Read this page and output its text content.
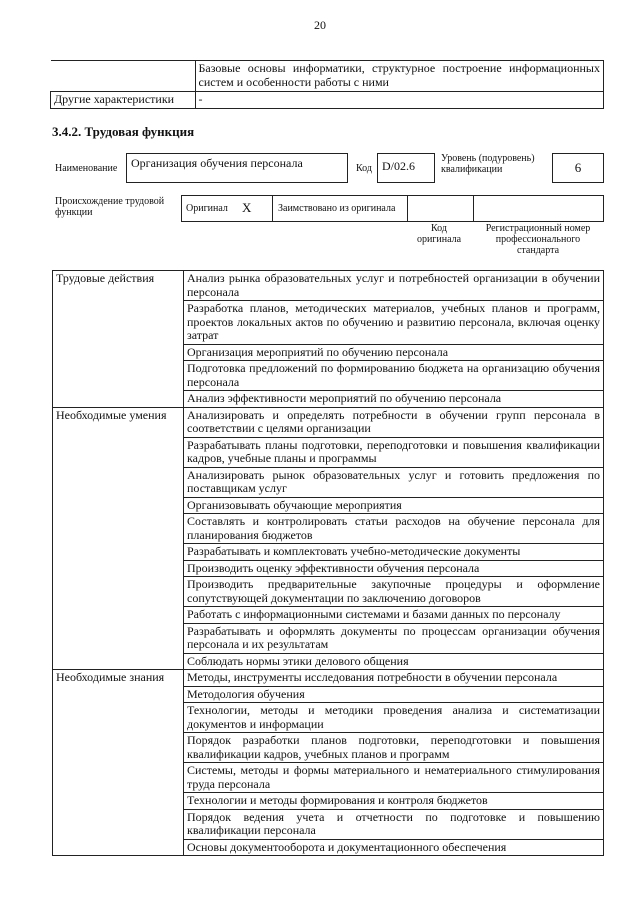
20
	Базовые основы информатики, структурное построение информационных систем и особенности работы с ними
Другие характеристики	-
3.4.2. Трудовая функция
Наименование Организация обучения персонала	Код D/02.6
Уровень (подуровень) квалификации	6
Происхождение трудовой функции	Оригинал X	Заимствовано из оригинала
Код оригинала
Регистрационный номер профессионального стандарта
Трудовые действия	Анализ рынка образовательных услуг и потребностей организации в обучении персонала
	Разработка планов, методических материалов, учебных планов и программ, проектов локальных актов по обучению и развитию персонала, включая оценку затрат
	Организация мероприятий по обучению персонала
	Подготовка предложений по формированию бюджета на организацию обучения персонала
	Анализ эффективности мероприятий по обучению персонала
Необходимые умения	Анализировать и определять потребности в обучении групп персонала в соответствии с целями организации
	Разрабатывать планы подготовки, переподготовки и повышения квалификации кадров, учебные планы и программы
	Анализировать рынок образовательных услуг и готовить предложения по поставщикам услуг
	Организовывать обучающие мероприятия
	Составлять и контролировать статьи расходов на обучение персонала для планирования бюджетов
	Разрабатывать и комплектовать учебно-методические документы
	Производить оценку эффективности обучения персонала
	Производить предварительные закупочные процедуры и оформление сопутствующей документации по заключению договоров
	Работать с информационными системами и базами данных по персоналу
	Разрабатывать и оформлять документы по процессам организации обучения персонала и их результатам
	Соблюдать нормы этики делового общения
Необходимые знания	Методы, инструменты исследования потребности в обучении персонала
	Методология обучения
	Технологии, методы и методики проведения анализа и систематизации документов и информации
	Порядок разработки планов подготовки, переподготовки и повышения квалификации кадров, учебных планов и программ
	Системы, методы и формы материального и нематериального стимулирования труда персонала
	Технологии и методы формирования и контроля бюджетов
	Порядок ведения учета и отчетности по подготовке и повышению квалификации персонала
	Основы документооборота и документационного обеспечения
